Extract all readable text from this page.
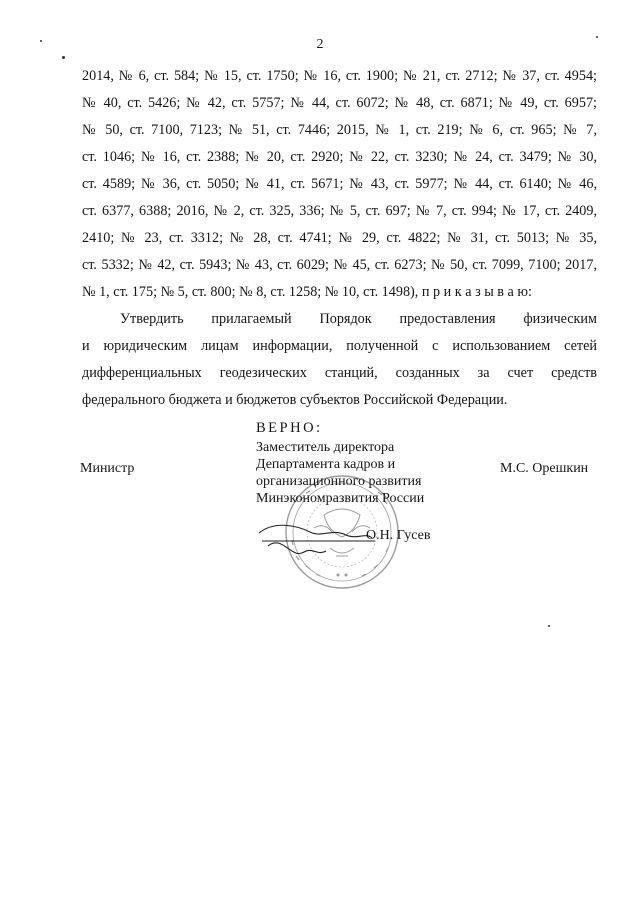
2
2014, № 6, ст. 584; № 15, ст. 1750; № 16, ст. 1900; № 21, ст. 2712; № 37, ст. 4954;
№ 40, ст. 5426; № 42, ст. 5757; № 44, ст. 6072; № 48, ст. 6871; № 49, ст. 6957;
№ 50, ст. 7100, 7123; № 51, ст. 7446; 2015, № 1, ст. 219; № 6, ст. 965; № 7,
ст. 1046; № 16, ст. 2388; № 20, ст. 2920; № 22, ст. 3230; № 24, ст. 3479; № 30,
ст. 4589; № 36, ст. 5050; № 41, ст. 5671; № 43, ст. 5977; № 44, ст. 6140; № 46,
ст. 6377, 6388; 2016, № 2, ст. 325, 336; № 5, ст. 697; № 7, ст. 994; № 17, ст. 2409,
2410; № 23, ст. 3312; № 28, ст. 4741; № 29, ст. 4822; № 31, ст. 5013; № 35,
ст. 5332; № 42, ст. 5943; № 43, ст. 6029; № 45, ст. 6273; № 50, ст. 7099, 7100; 2017,
№ 1, ст. 175; № 5, ст. 800; № 8, ст. 1258; № 10, ст. 1498), п р и к а з ы в а ю:
Утвердить прилагаемый Порядок предоставления физическим
и юридическим лицам информации, полученной с использованием сетей
дифференциальных геодезических станций, созданных за счет средств
федерального бюджета и бюджетов субъектов Российской Федерации.
Министр	М.С. Орешкин
ВЕРНО:
Заместитель директора
Департамента кадров и
организационного развития
Минэкономразвития России
О.Н. Гусев
